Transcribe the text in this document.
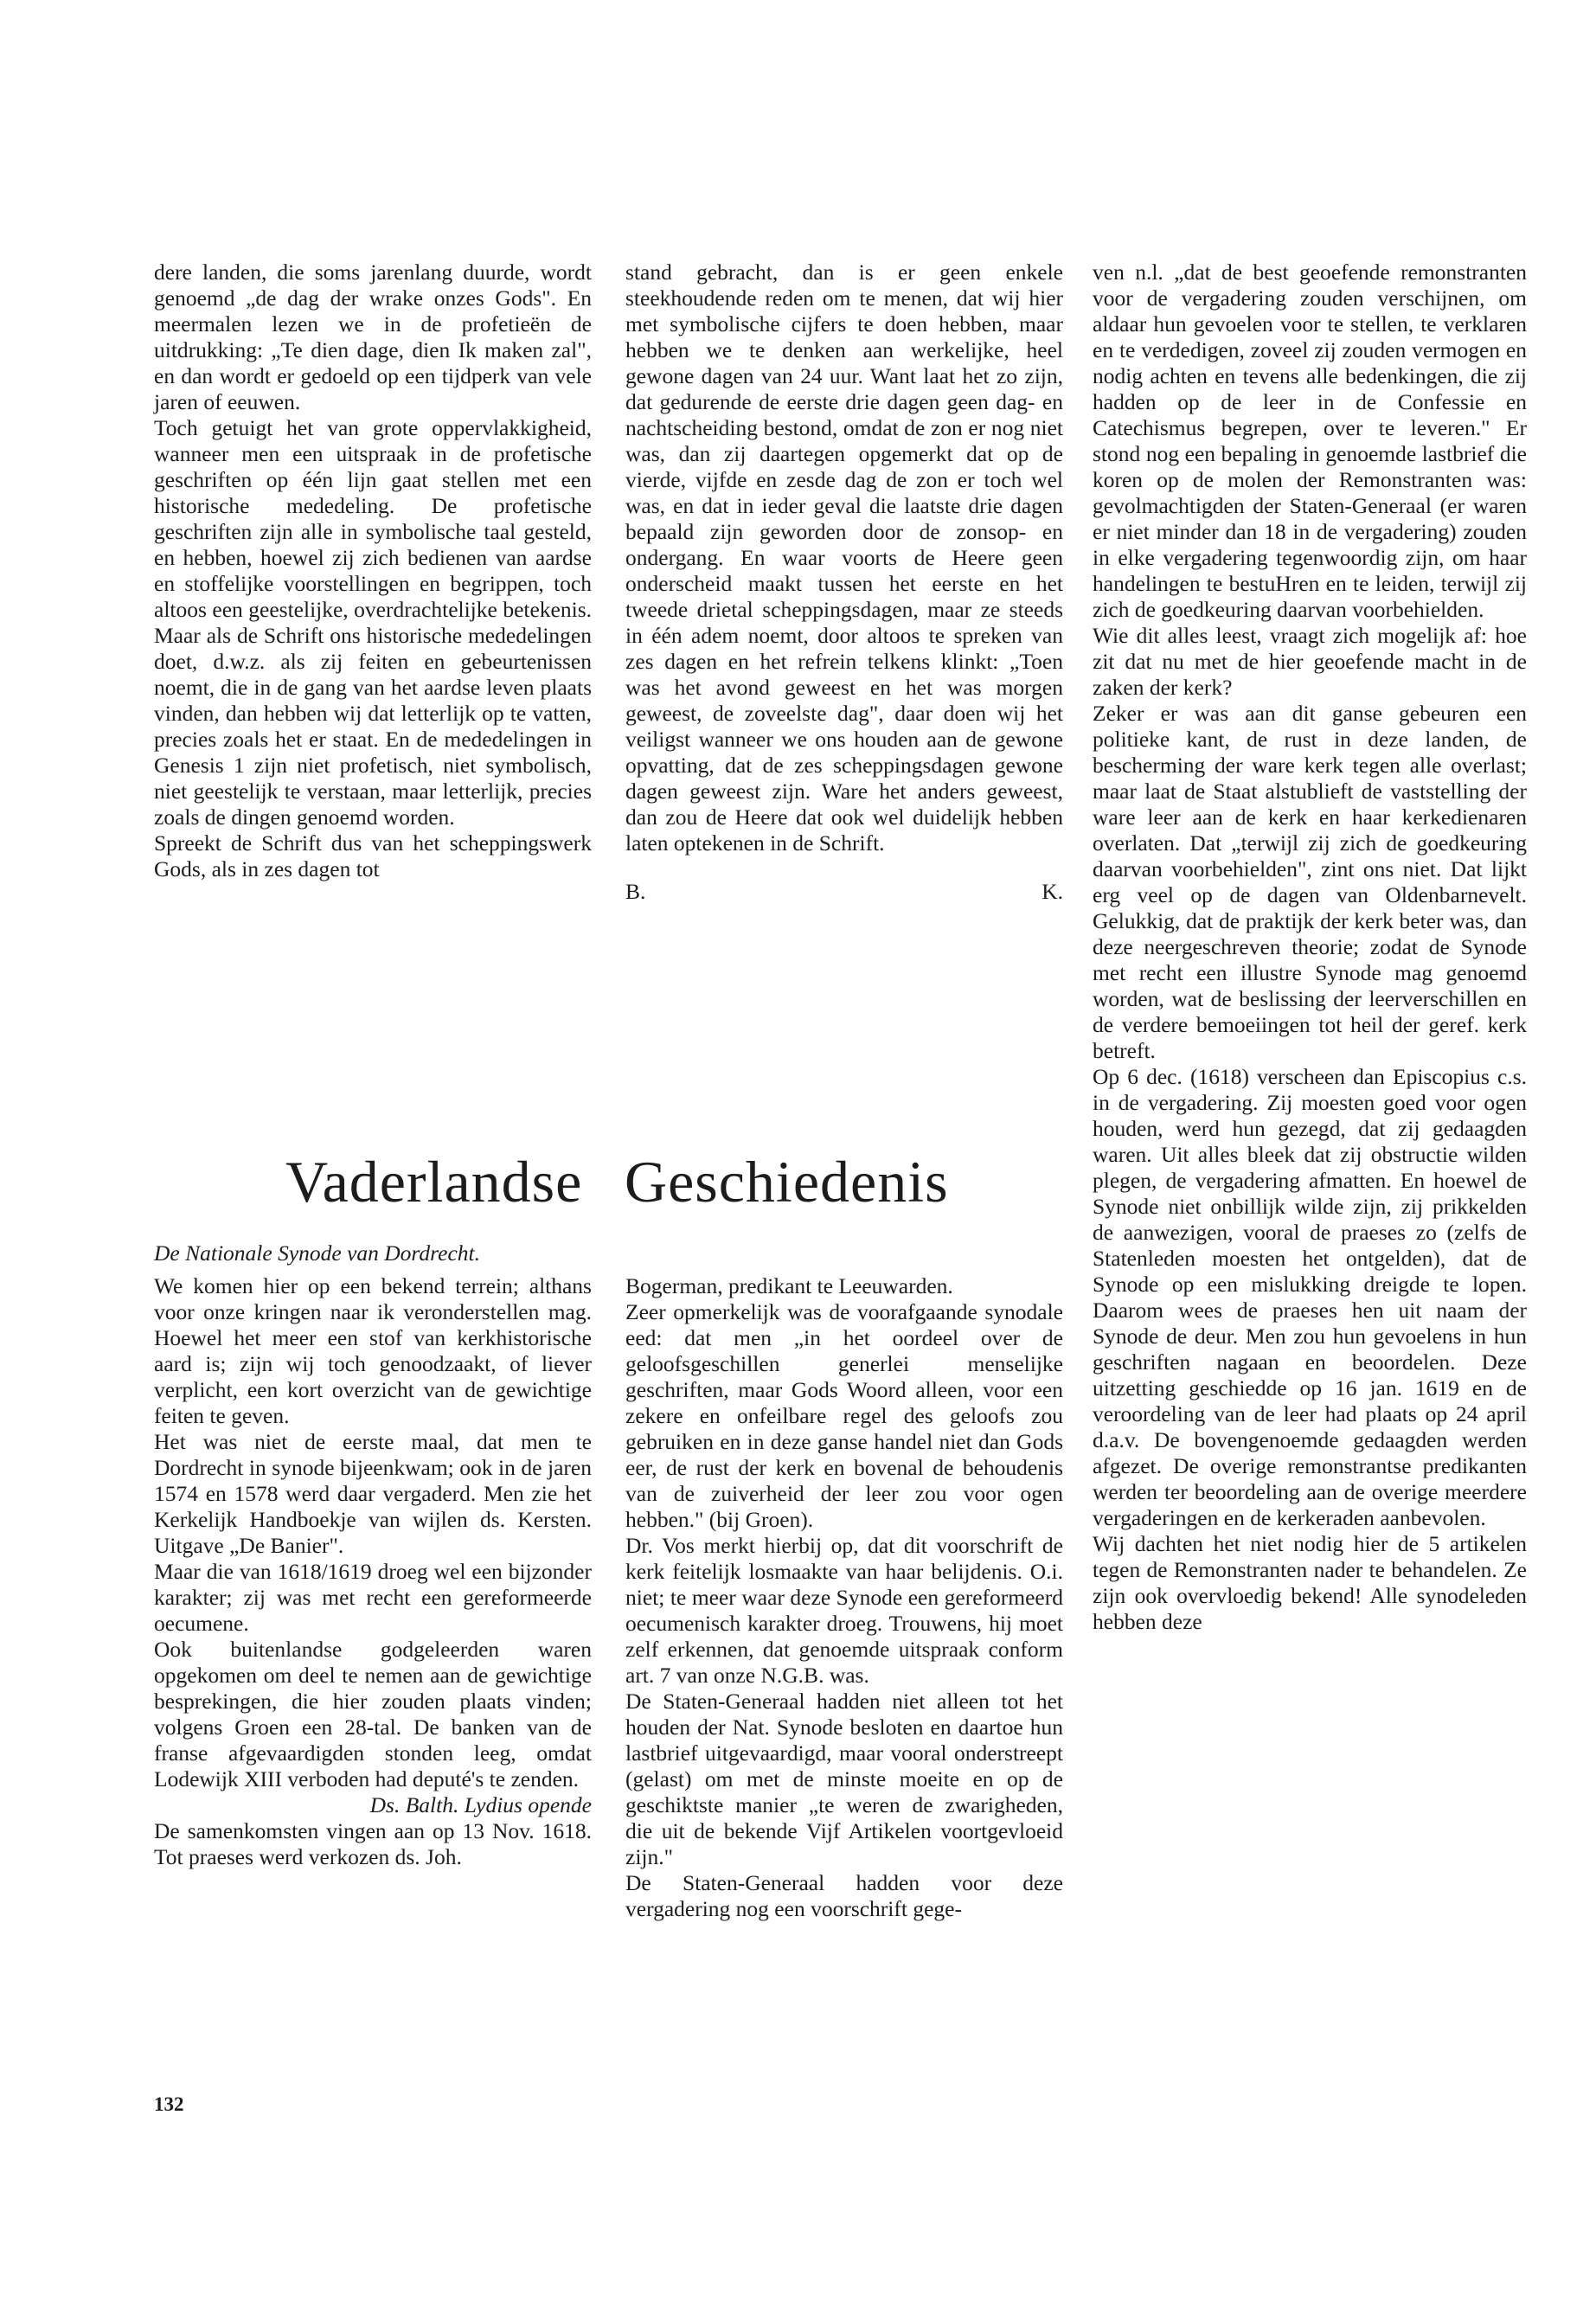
dere landen, die soms jarenlang duurde, wordt genoemd „de dag der wrake onzes Gods". En meermalen lezen we in de profetieën de uitdrukking: „Te dien dage, dien Ik maken zal", en dan wordt er gedoeld op een tijdperk van vele jaren of eeuwen.

Toch getuigt het van grote oppervlakkigheid, wanneer men een uitspraak in de profetische geschriften op één lijn gaat stellen met een historische mededeling. De profetische geschriften zijn alle in symbolische taal gesteld, en hebben, hoewel zij zich bedienen van aardse en stoffelijke voorstellingen en begrippen, toch altoos een geestelijke, overdrachtelijke betekenis. Maar als de Schrift ons historische mededelingen doet, d.w.z. als zij feiten en gebeurtenissen noemt, die in de gang van het aardse leven plaats vinden, dan hebben wij dat letterlijk op te vatten, precies zoals het er staat. En de mededelingen in Genesis 1 zijn niet profetisch, niet symbolisch, niet geestelijk te verstaan, maar letterlijk, precies zoals de dingen genoemd worden.

Spreekt de Schrift dus van het scheppingswerk Gods, als in zes dagen tot

stand gebracht, dan is er geen enkele steekhoudende reden om te menen, dat wij hier met symbolische cijfers te doen hebben, maar hebben we te denken aan werkelijke, heel gewone dagen van 24 uur. Want laat het zo zijn, dat gedurende de eerste drie dagen geen dag- en nachtscheiding bestond, omdat de zon er nog niet was, dan zij daartegen opgemerkt dat op de vierde, vijfde en zesde dag de zon er toch wel was, en dat in ieder geval die laatste drie dagen bepaald zijn geworden door de zonsop- en ondergang. En waar voorts de Heere geen onderscheid maakt tussen het eerste en het tweede drietal scheppingsdagen, maar ze steeds in één adem noemt, door altoos te spreken van zes dagen en het refrein telkens klinkt: „Toen was het avond geweest en het was morgen geweest, de zoveelste dag", daar doen wij het veiligst wanneer we ons houden aan de gewone opvatting, dat de zes scheppingsdagen gewone dagen geweest zijn. Ware het anders geweest, dan zou de Heere dat ook wel duidelijk hebben laten optekenen in de Schrift.

B.	K.

ven n.l. „dat de best geoefende remonstranten voor de vergadering zouden verschijnen, om aldaar hun gevoelen voor te stellen, te verklaren en te verdedigen, zoveel zij zouden vermogen en nodig achten en tevens alle bedenkingen, die zij hadden op de leer in de Confessie en Catechismus begrepen, over te leveren." Er stond nog een bepaling in genoemde lastbrief die koren op de molen der Remonstranten was: gevolmachtigden der Staten-Generaal (er waren er niet minder dan 18 in de vergadering) zouden in elke vergadering tegenwoordig zijn, om haar handelingen te bestuHren en te leiden, terwijl zij zich de goedkeuring daarvan voorbehielden.

Wie dit alles leest, vraagt zich mogelijk af: hoe zit dat nu met de hier geoefende macht in de zaken der kerk?

Zeker er was aan dit ganse gebeuren een politieke kant, de rust in deze landen, de bescherming der ware kerk tegen alle overlast; maar laat de Staat alstublieft de vaststelling der ware leer aan de kerk en haar kerkedienaren overlaten. Dat „terwijl zij zich de goedkeuring daarvan voorbehielden", zint ons niet. Dat lijkt erg veel op de dagen van Oldenbarnevelt. Gelukkig, dat de praktijk der kerk beter was, dan deze neergeschreven theorie; zodat de Synode met recht een illustre Synode mag genoemd worden, wat de beslissing der leerverschillen en de verdere bemoeiingen tot heil der geref. kerk betreft.

Op 6 dec. (1618) verscheen dan Episcopius c.s. in de vergadering. Zij moesten goed voor ogen houden, werd hun gezegd, dat zij gedaagden waren. Uit alles bleek dat zij obstructie wilden plegen, de vergadering afmatten. En hoewel de Synode niet onbillijk wilde zijn, zij prikkelden de aanwezigen, vooral de praeses zo (zelfs de Statenleden moesten het ontgelden), dat de Synode op een mislukking dreigde te lopen. Daarom wees de praeses hen uit naam der Synode de deur. Men zou hun gevoelens in hun geschriften nagaan en beoordelen. Deze uitzetting geschiedde op 16 jan. 1619 en de veroordeling van de leer had plaats op 24 april d.a.v. De bovengenoemde gedaagden werden afgezet. De overige remonstrantse predikanten werden ter beoordeling aan de overige meerdere vergaderingen en de kerkeraden aanbevolen.

Wij dachten het niet nodig hier de 5 artikelen tegen de Remonstranten nader te behandelen. Ze zijn ook overvloedig bekend! Alle synodeleden hebben deze

Vaderlandse Geschiedenis

De Nationale Synode van Dordrecht.

We komen hier op een bekend terrein; althans voor onze kringen naar ik veronderstellen mag. Hoewel het meer een stof van kerkhistorische aard is; zijn wij toch genoodzaakt, of liever verplicht, een kort overzicht van de gewichtige feiten te geven.

Het was niet de eerste maal, dat men te Dordrecht in synode bijeenkwam; ook in de jaren 1574 en 1578 werd daar vergaderd. Men zie het Kerkelijk Handboekje van wijlen ds. Kersten. Uitgave „De Banier".

Maar die van 1618/1619 droeg wel een bijzonder karakter; zij was met recht een gereformeerde oecumene.

Ook buitenlandse godgeleerden waren opgekomen om deel te nemen aan de gewichtige besprekingen, die hier zouden plaats vinden; volgens Groen een 28-tal. De banken van de franse afgevaardigden stonden leeg, omdat Lodewijk XIII verboden had deputé's te zenden.

Ds. Balth. Lydius opende

De samenkomsten vingen aan op 13 Nov. 1618. Tot praeses werd verkozen ds. Joh.

Bogerman, predikant te Leeuwarden.

Zeer opmerkelijk was de voorafgaande synodale eed: dat men „in het oordeel over de geloofsgeschillen generlei menselijke geschriften, maar Gods Woord alleen, voor een zekere en onfeilbare regel des geloofs zou gebruiken en in deze ganse handel niet dan Gods eer, de rust der kerk en bovenal de behoudenis van de zuiverheid der leer zou voor ogen hebben." (bij Groen).

Dr. Vos merkt hierbij op, dat dit voorschrift de kerk feitelijk losmaakte van haar belijdenis. O.i. niet; te meer waar deze Synode een gereformeerd oecumenisch karakter droeg. Trouwens, hij moet zelf erkennen, dat genoemde uitspraak conform art. 7 van onze N.G.B. was.

De Staten-Generaal hadden niet alleen tot het houden der Nat. Synode besloten en daartoe hun lastbrief uitgevaardigd, maar vooral onderstreept (gelast) om met de minste moeite en op de geschiktste manier „te weren de zwarigheden, die uit de bekende Vijf Artikelen voortgevloeid zijn."

De Staten-Generaal hadden voor deze vergadering nog een voorschrift gege-

132
